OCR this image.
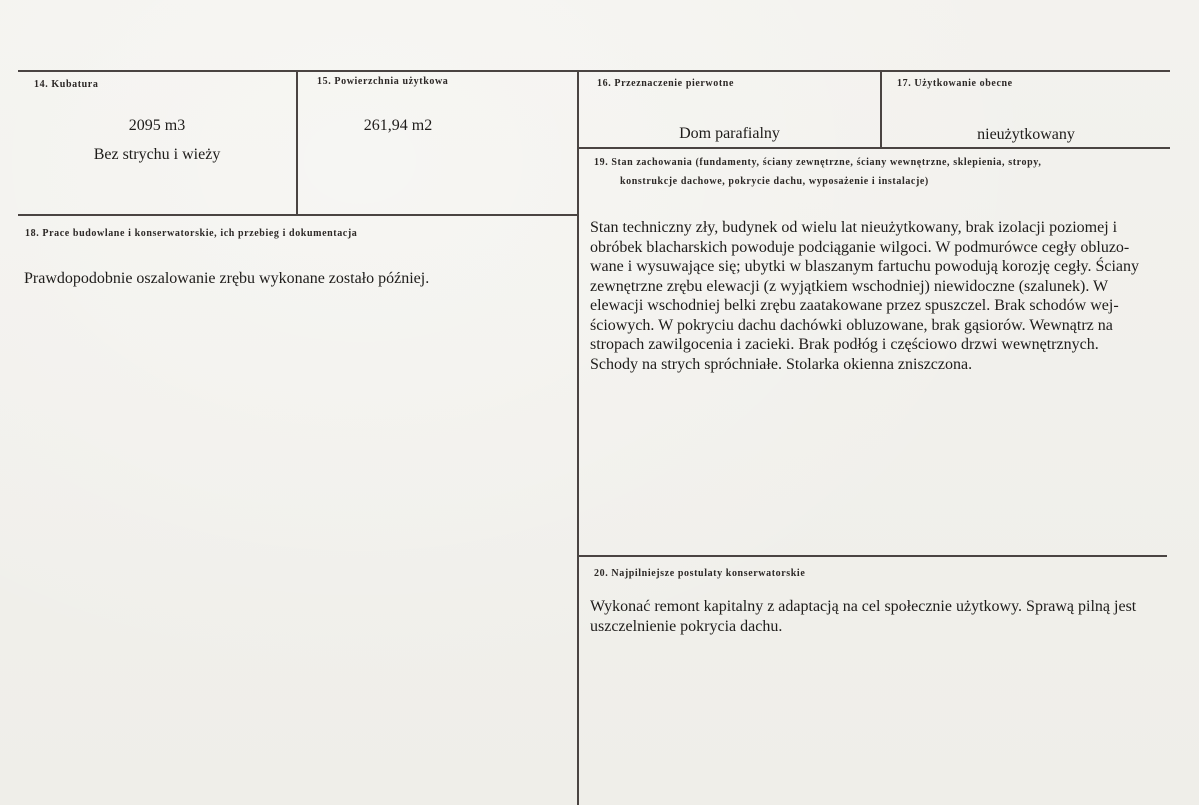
14. Kubatura
2095 m3
Bez strychu i wieży
15. Powierzchnia użytkowa
261,94 m2
16. Przeznaczenie pierwotne
Dom parafialny
17. Użytkowanie obecne
nieużytkowany
18. Prace budowlane i konserwatorskie, ich przebieg i dokumentacja
Prawdopodobnie oszalowanie zrębu wykonane zostało później.
19. Stan zachowania (fundamenty, ściany zewnętrzne, ściany wewnętrzne, sklepienia, stropy,
konstrukcje dachowe, pokrycie dachu, wyposażenie i instalacje)
Stan techniczny zły, budynek od wielu lat nieużytkowany, brak izolacji poziomej i
obróbek blacharskich powoduje podciąganie wilgoci. W podmurówce cegły obluzo-
wane i wysuwające się; ubytki w blaszanym fartuchu powodują korozję cegły. Ściany
zewnętrzne zrębu elewacji (z wyjątkiem wschodniej) niewidoczne (szalunek). W
elewacji wschodniej belki zrębu zaatakowane przez spuszczel. Brak schodów wej-
ściowych. W pokryciu dachu dachówki obluzowane, brak gąsiorów. Wewnątrz na
stropach zawilgocenia i zacieki. Brak podłóg i częściowo drzwi wewnętrznych.
Schody na strych spróchniałe. Stolarka okienna zniszczona.
20. Najpilniejsze postulaty konserwatorskie
Wykonać remont kapitalny z adaptacją na cel społecznie użytkowy. Sprawą pilną jest
uszczelnienie pokrycia dachu.
